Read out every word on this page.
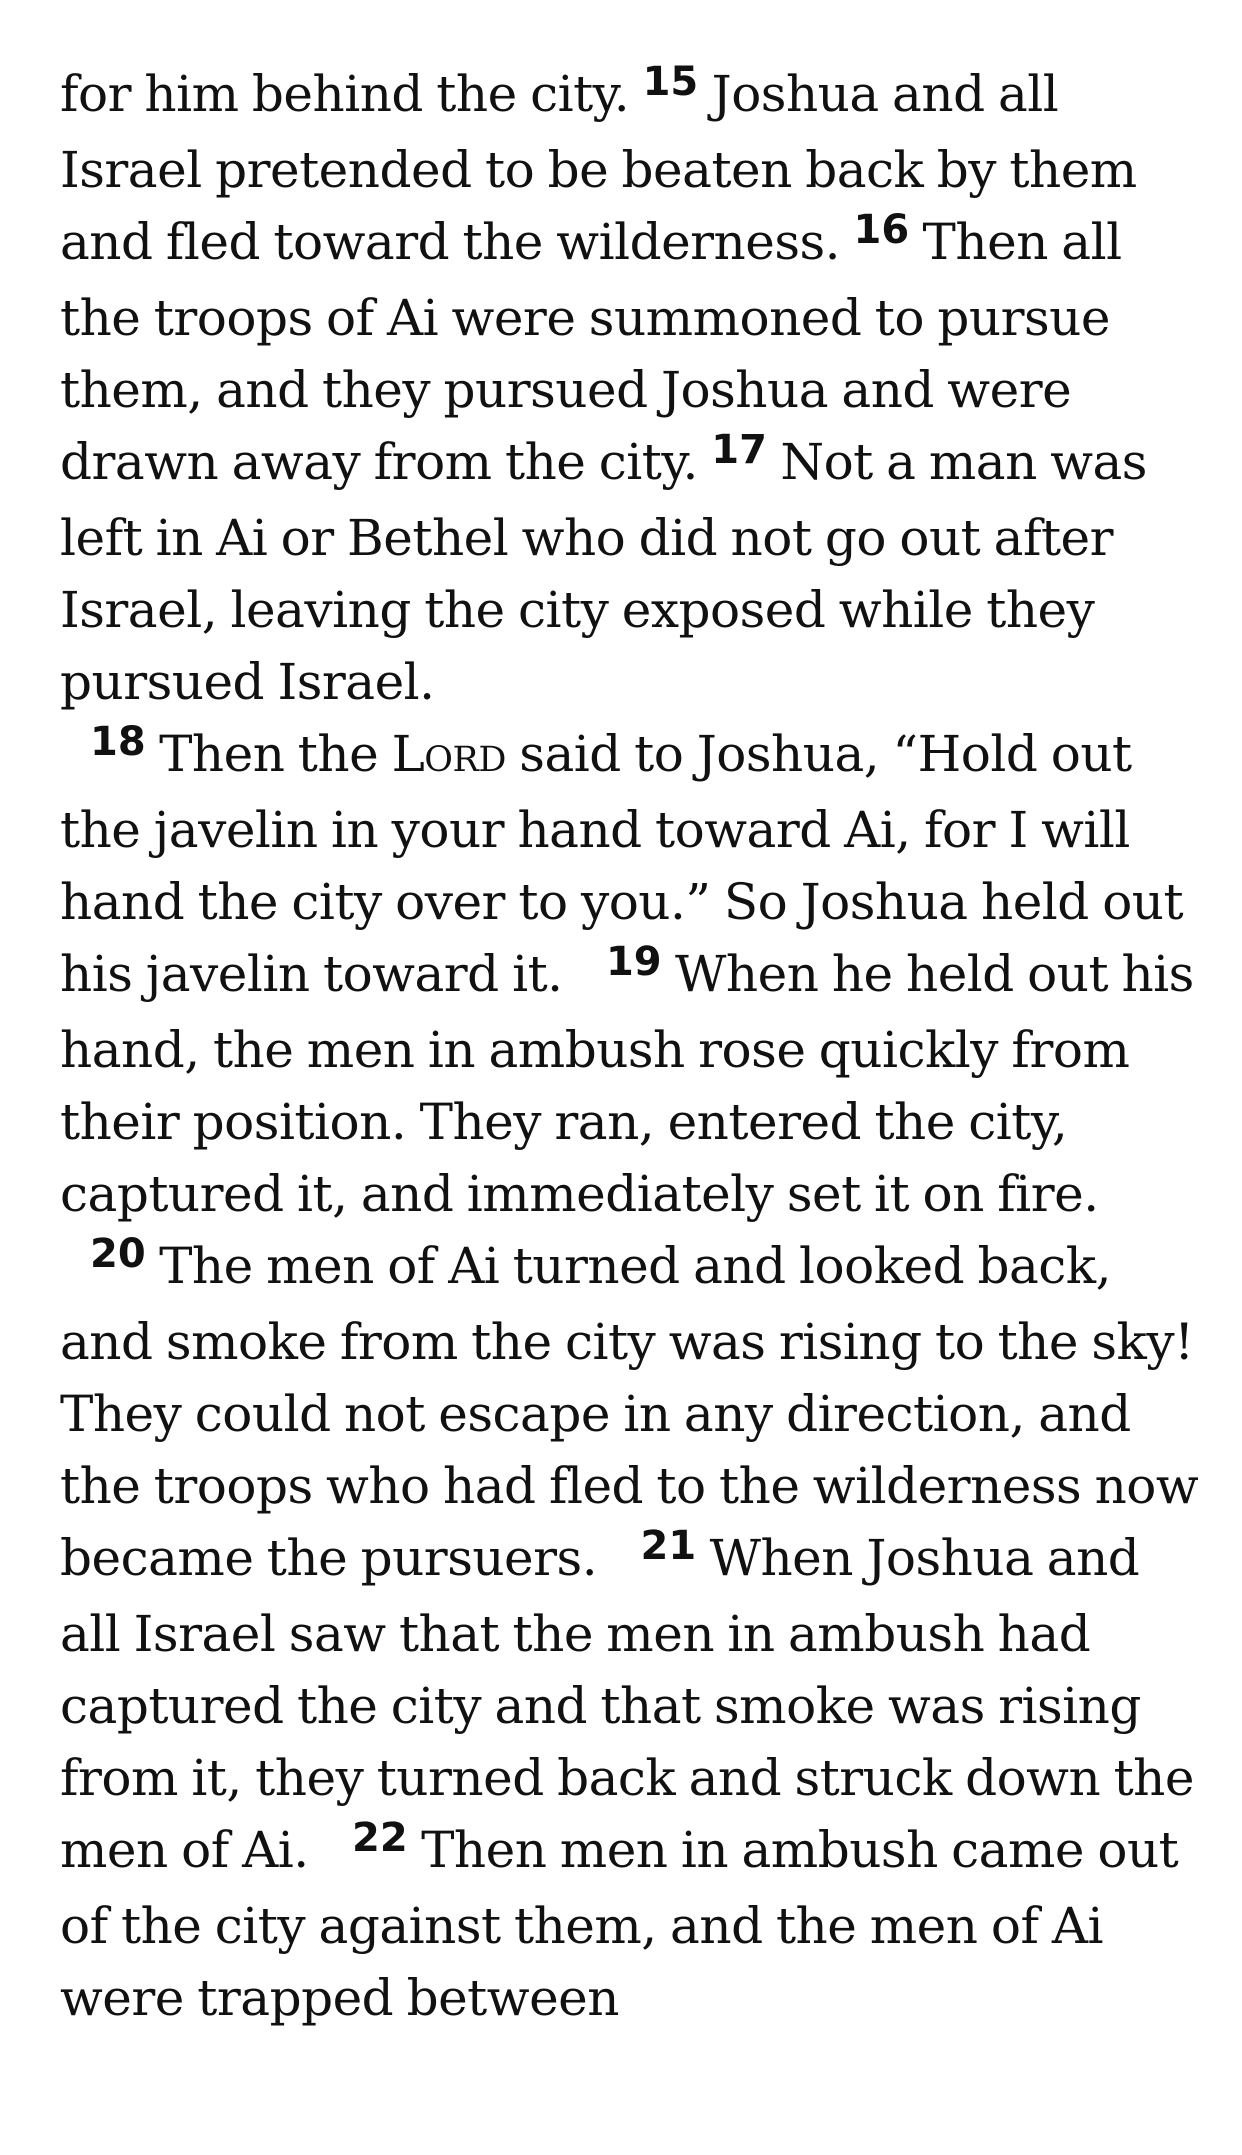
for him behind the city. $^{15}$ Joshua and all Israel pretended to be beaten back by them and fled toward the wilderness. $^{16}$ Then all the troops of Ai were summoned to pursue them, and they pursued Joshua and were drawn away from the city. $^{17}$ Not a man was left in Ai or Bethel who did not go out after Israel, leaving the city exposed while they pursued Israel.

$^{18}$ Then the Lord said to Joshua, “Hold out the javelin in your hand toward Ai, for I will hand the city over to you.” So Joshua held out his javelin toward it. $^{19}$ When he held out his hand, the men in ambush rose quickly from their position. They ran, entered the city, captured it, and immediately set it on fire.

$^{20}$ The men of Ai turned and looked back, and smoke from the city was rising to the sky! They could not escape in any direction, and the troops who had fled to the wilderness now became the pursuers. $^{21}$ When Joshua and all Israel saw that the men in ambush had captured the city and that smoke was rising from it, they turned back and struck down the men of Ai. $^{22}$ Then men in ambush came out of the city against them, and the men of Ai were trapped between
